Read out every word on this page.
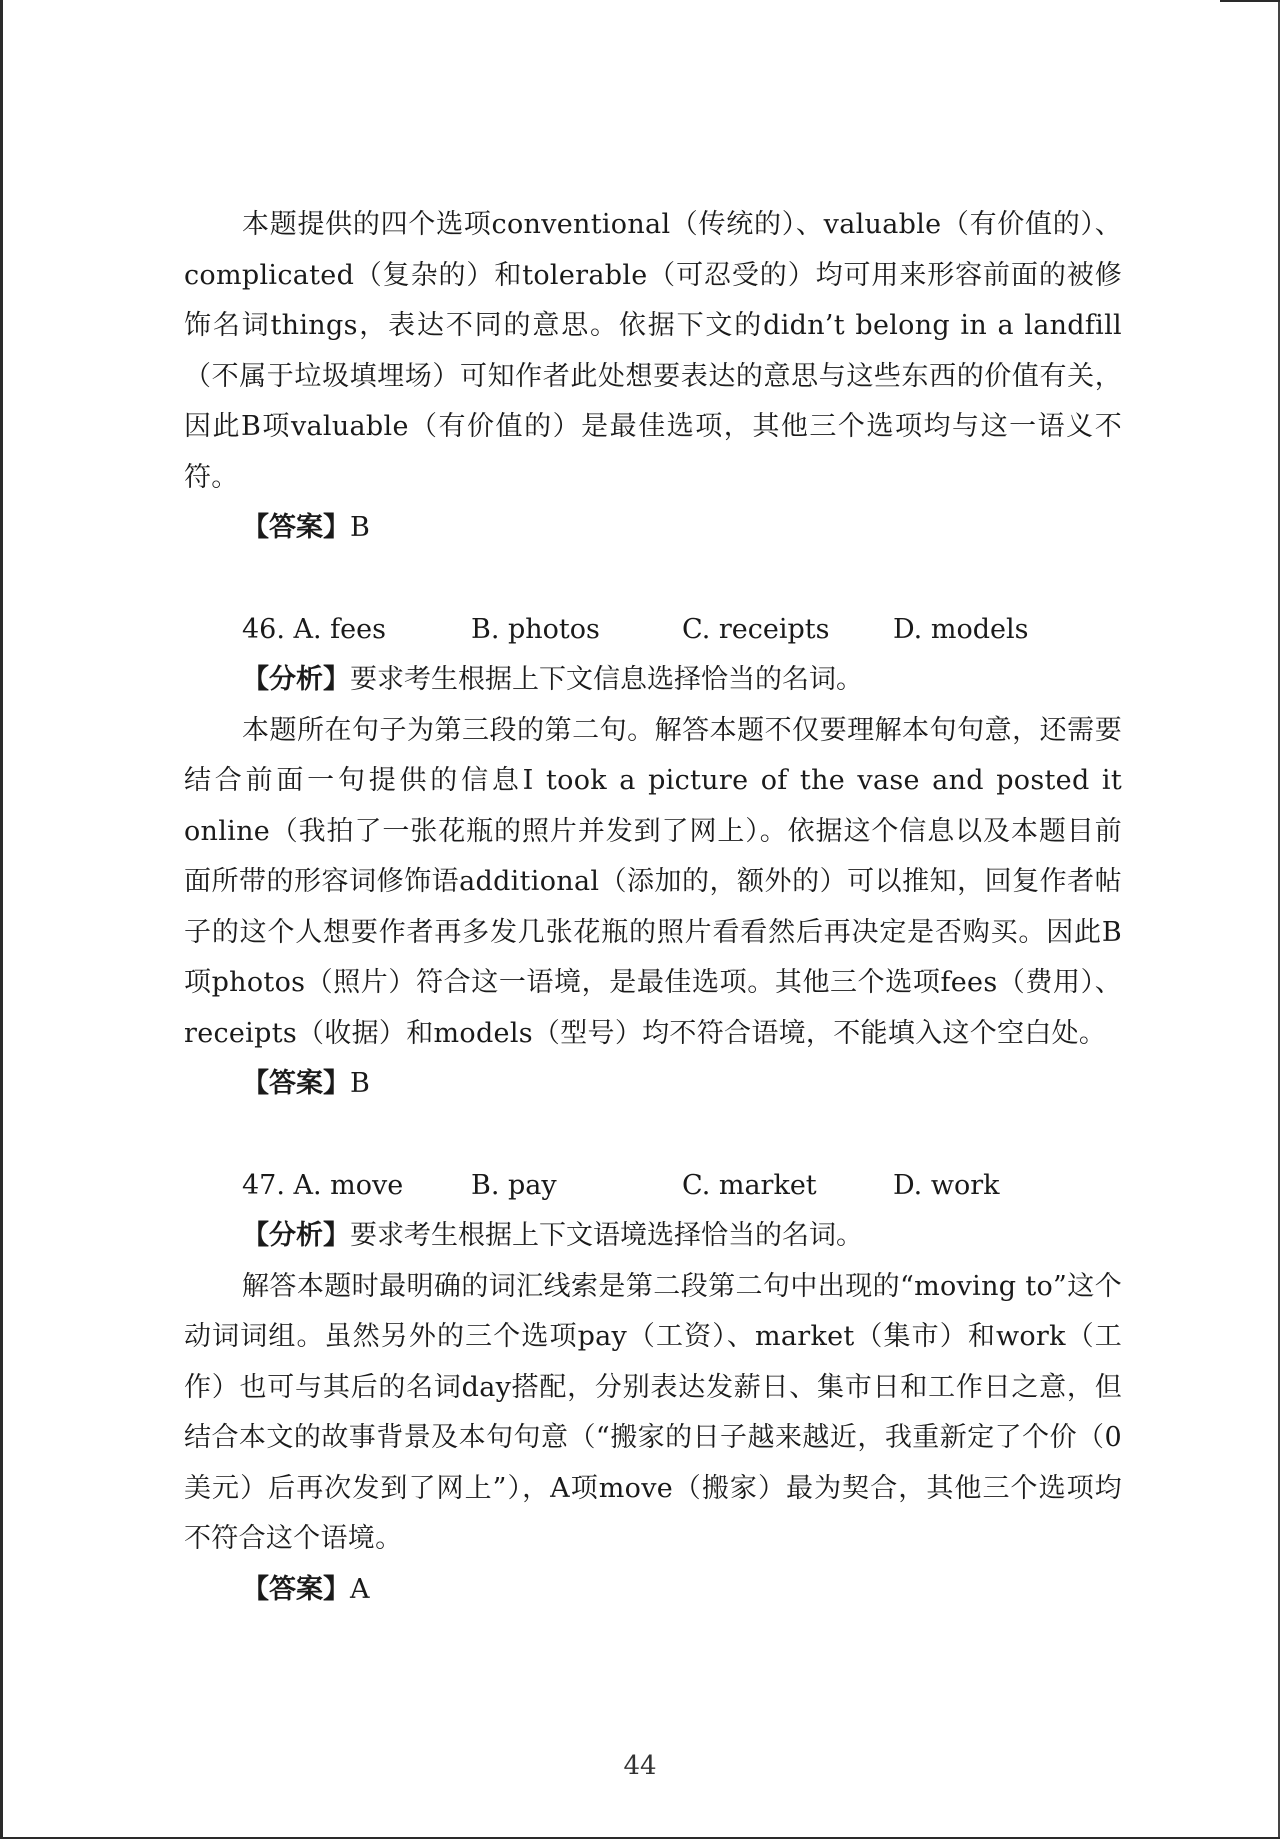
本题提供的四个选项conventional（传统的）、valuable（有价值的）、complicated（复杂的）和tolerable（可忍受的）均可用来形容前面的被修饰名词things，表达不同的意思。依据下文的didn’t belong in a landfill（不属于垃圾填埋场）可知作者此处想要表达的意思与这些东西的价值有关，因此B项valuable（有价值的）是最佳选项，其他三个选项均与这一语义不符。

【答案】B

46. A. fees	B. photos	C. receipts	D. models

【分析】要求考生根据上下文信息选择恰当的名词。

本题所在句子为第三段的第二句。解答本题不仅要理解本句句意，还需要结合前面一句提供的信息I took a picture of the vase and posted it online（我拍了一张花瓶的照片并发到了网上）。依据这个信息以及本题目前面所带的形容词修饰语additional（添加的，额外的）可以推知，回复作者帖子的这个人想要作者再多发几张花瓶的照片看看然后再决定是否购买。因此B项photos（照片）符合这一语境，是最佳选项。其他三个选项fees（费用）、receipts（收据）和models（型号）均不符合语境，不能填入这个空白处。

【答案】B

47. A. move	B. pay	C. market	D. work

【分析】要求考生根据上下文语境选择恰当的名词。

解答本题时最明确的词汇线索是第二段第二句中出现的“moving to”这个动词词组。虽然另外的三个选项pay（工资）、market（集市）和work（工作）也可与其后的名词day搭配，分别表达发薪日、集市日和工作日之意，但结合本文的故事背景及本句句意（“搬家的日子越来越近，我重新定了个价（0美元）后再次发到了网上”），A项move（搬家）最为契合，其他三个选项均不符合这个语境。

【答案】A

44
